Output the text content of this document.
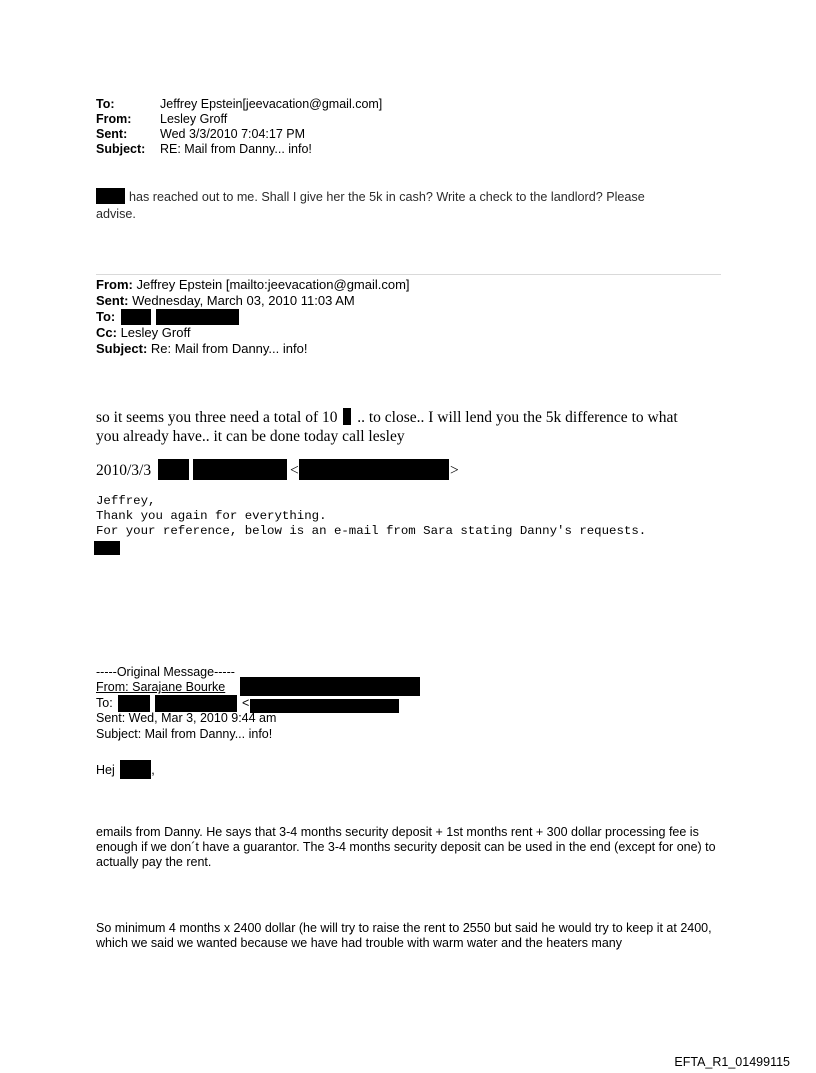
To:	Jeffrey Epstein[jeevacation@gmail.com]
From: Lesley Groff
Sent:	Wed 3/3/2010 7:04:17 PM
Subject: RE: Mail from Danny... info!
has reached out to me. Shall I give her the 5k in cash? Write a check to the landlord? Please
advise.
From: Jeffrey Epstein [mailto:jeevacation@gmail.com]
Sent: Wednesday, March 03, 2010 11:03 AM
To:
Cc: Lesley Groff
Subject: Re: Mail from Danny... info!
so it seems you three need a total of 10 .. to close.. I will lend you the 5k difference to what
you already have.. it can be done today call lesley
2010/3/3	<	>
Jeffrey,
Thank you again for everything.
For your reference, below is an e-mail from Sara stating Danny's requests.
-----Original Message-----
From: Sarajane Bourke
To:	<
Sent: Wed, Mar 3, 2010 9:44 am
Subject: Mail from Danny... info!
Hej	,
emails from Danny. He says that 3-4 months security deposit + 1st months rent + 300 dollar processing fee is enough if we don´t have a guarantor. The 3-4 months security deposit can be used in the end (except for one) to actually pay the rent.
So minimum 4 months x 2400 dollar (he will try to raise the rent to 2550 but said he would try to keep it at 2400, which we said we wanted because we have had trouble with warm water and the heaters many
EFTA_R1_01499115
